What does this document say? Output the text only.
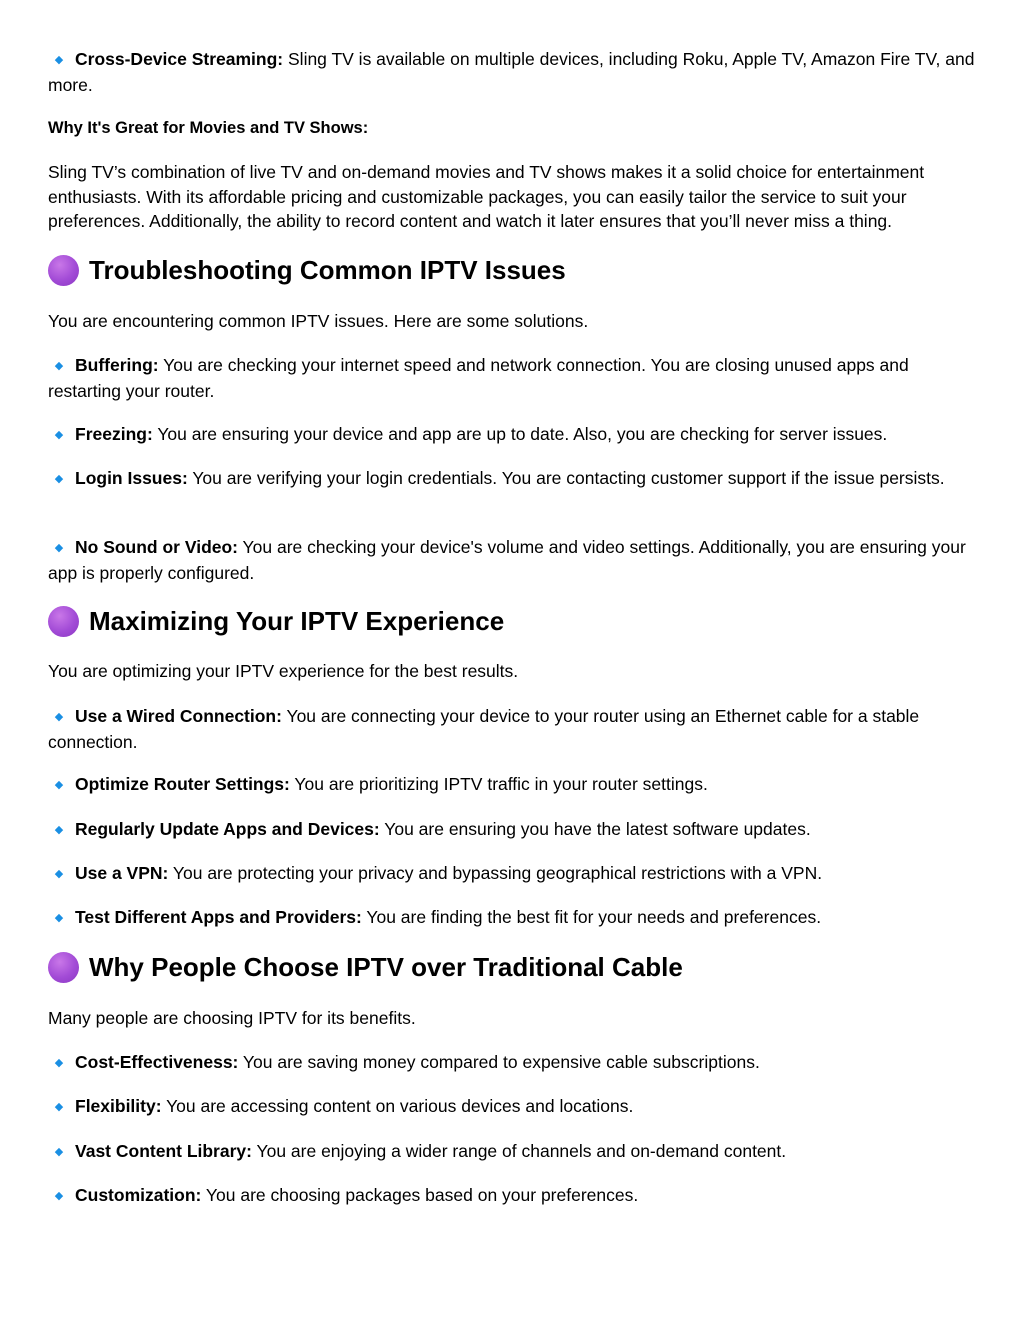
◆ Cross-Device Streaming: Sling TV is available on multiple devices, including Roku, Apple TV, Amazon Fire TV, and more.

Why It's Great for Movies and TV Shows:

Sling TV’s combination of live TV and on-demand movies and TV shows makes it a solid choice for entertainment enthusiasts. With its affordable pricing and customizable packages, you can easily tailor the service to suit your preferences. Additionally, the ability to record content and watch it later ensures that you’ll never miss a thing.

Troubleshooting Common IPTV Issues

You are encountering common IPTV issues. Here are some solutions.

◆ Buffering: You are checking your internet speed and network connection. You are closing unused apps and restarting your router.

◆ Freezing: You are ensuring your device and app are up to date. Also, you are checking for server issues.

◆ Login Issues: You are verifying your login credentials. You are contacting customer support if the issue persists.

◆ No Sound or Video: You are checking your device's volume and video settings. Additionally, you are ensuring your app is properly configured.

Maximizing Your IPTV Experience

You are optimizing your IPTV experience for the best results.

◆ Use a Wired Connection: You are connecting your device to your router using an Ethernet cable for a stable connection.

◆ Optimize Router Settings: You are prioritizing IPTV traffic in your router settings.

◆ Regularly Update Apps and Devices: You are ensuring you have the latest software updates.

◆ Use a VPN: You are protecting your privacy and bypassing geographical restrictions with a VPN.

◆ Test Different Apps and Providers: You are finding the best fit for your needs and preferences.

Why People Choose IPTV over Traditional Cable

Many people are choosing IPTV for its benefits.

◆ Cost-Effectiveness: You are saving money compared to expensive cable subscriptions.

◆ Flexibility: You are accessing content on various devices and locations.

◆ Vast Content Library: You are enjoying a wider range of channels and on-demand content.

◆ Customization: You are choosing packages based on your preferences.
